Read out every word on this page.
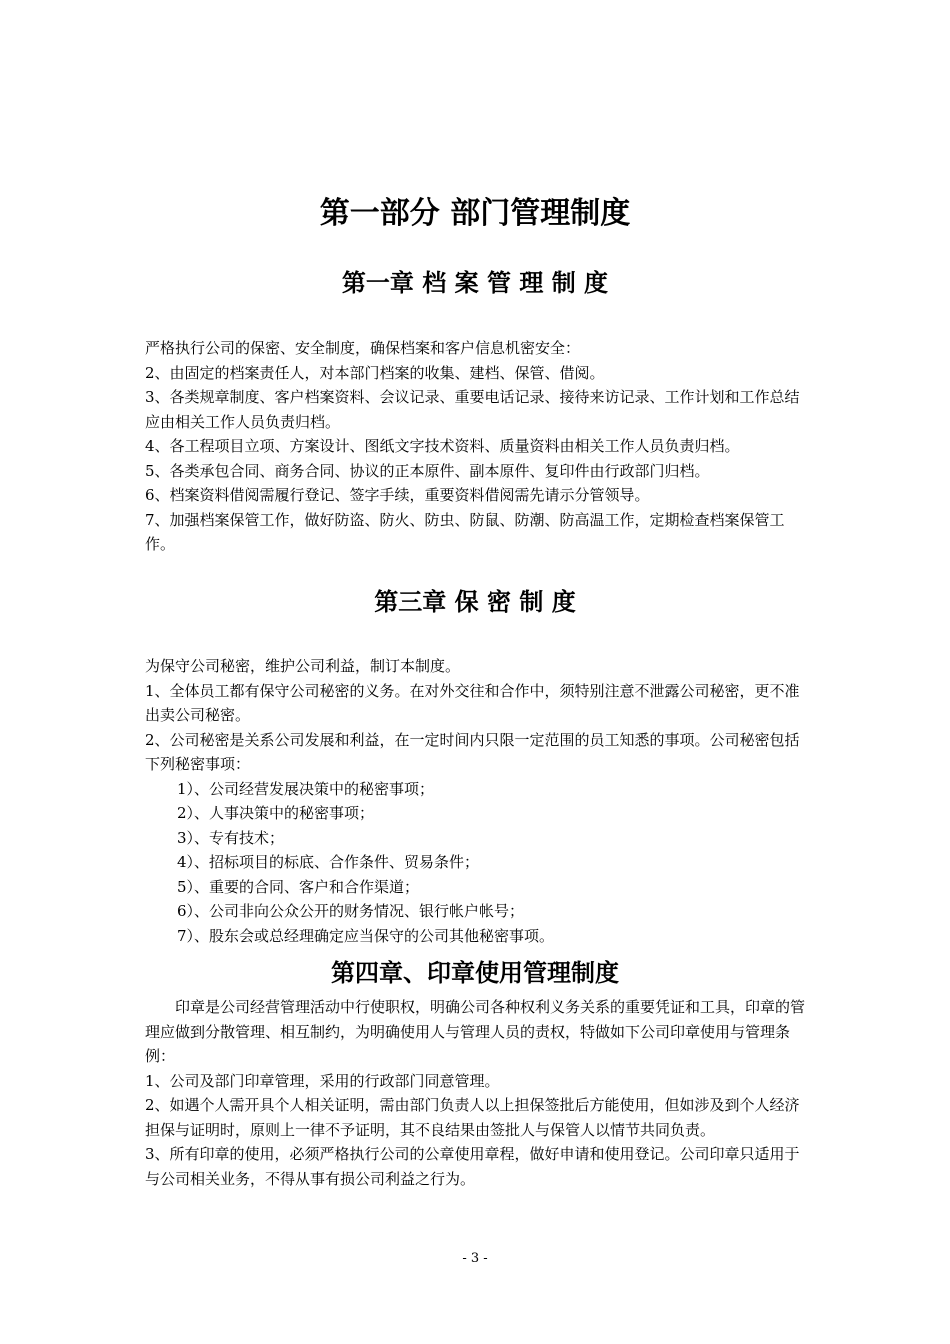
第一部分 部门管理制度
第一章 档 案 管 理 制 度

严格执行公司的保密、安全制度，确保档案和客户信息机密安全：

2、由固定的档案责任人，对本部门档案的收集、建档、保管、借阅。

3、各类规章制度、客户档案资料、会议记录、重要电话记录、接待来访记录、工作计划和工作总结应由相关工作人员负责归档。

4、各工程项目立项、方案设计、图纸文字技术资料、质量资料由相关工作人员负责归档。

5、各类承包合同、商务合同、协议的正本原件、副本原件、复印件由行政部门归档。

6、档案资料借阅需履行登记、签字手续，重要资料借阅需先请示分管领导。

7、加强档案保管工作，做好防盗、防火、防虫、防鼠、防潮、防高温工作，定期检查档案保管工作。

第三章 保 密 制 度

为保守公司秘密，维护公司利益，制订本制度。

1、全体员工都有保守公司秘密的义务。在对外交往和合作中，须特别注意不泄露公司秘密，更不准出卖公司秘密。

2、公司秘密是关系公司发展和利益，在一定时间内只限一定范围的员工知悉的事项。公司秘密包括下列秘密事项：

1）、公司经营发展决策中的秘密事项；

2）、人事决策中的秘密事项；

3）、专有技术；

4）、招标项目的标底、合作条件、贸易条件；

5）、重要的合同、客户和合作渠道；

6）、公司非向公众公开的财务情况、银行帐户帐号；

7）、股东会或总经理确定应当保守的公司其他秘密事项。

第四章、印章使用管理制度

印章是公司经营管理活动中行使职权，明确公司各种权利义务关系的重要凭证和工具，印章的管理应做到分散管理、相互制约，为明确使用人与管理人员的责权，特做如下公司印章使用与管理条例：

1、公司及部门印章管理，采用的行政部门同意管理。

2、如遇个人需开具个人相关证明，需由部门负责人以上担保签批后方能使用，但如涉及到个人经济担保与证明时，原则上一律不予证明，其不良结果由签批人与保管人以情节共同负责。

3、所有印章的使用，必须严格执行公司的公章使用章程，做好申请和使用登记。公司印章只适用于与公司相关业务，不得从事有损公司利益之行为。

- 3 -
